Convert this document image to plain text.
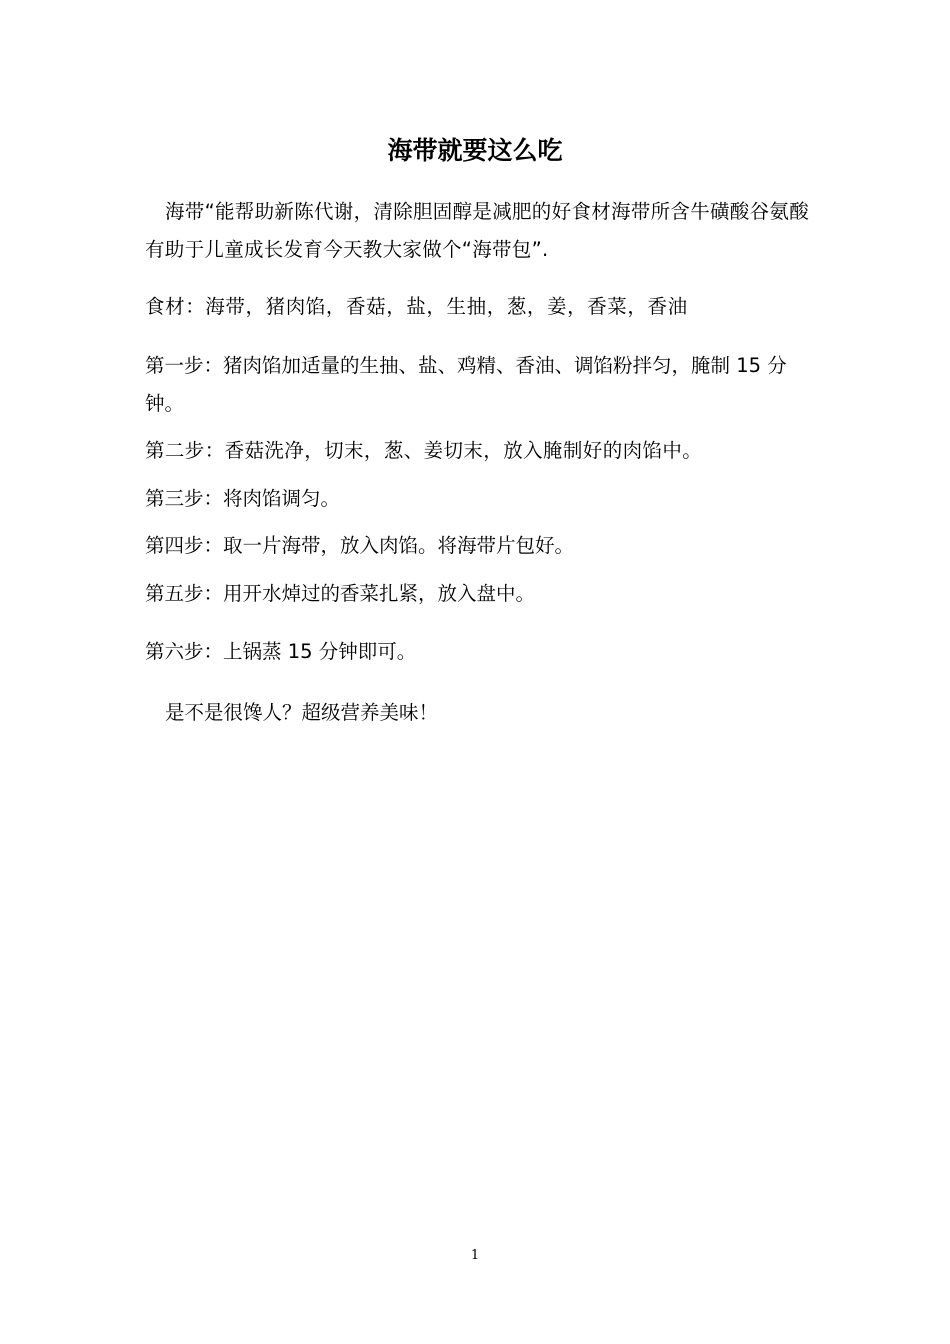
海带就要这么吃
海带“能帮助新陈代谢，清除胆固醇是减肥的好食材海带所含牛磺酸谷氨酸有助于儿童成长发育今天教大家做个“海带包”.
食材：海带，猪肉馅，香菇，盐，生抽，葱，姜，香菜，香油
第一步：猪肉馅加适量的生抽、盐、鸡精、香油、调馅粉拌匀，腌制 15 分钟。
第二步：香菇洗净，切末，葱、姜切末，放入腌制好的肉馅中。
第三步：将肉馅调匀。
第四步：取一片海带，放入肉馅。将海带片包好。
第五步：用开水焯过的香菜扎紧，放入盘中。
第六步：上锅蒸 15 分钟即可。
是不是很馋人？超级营养美味！
1
